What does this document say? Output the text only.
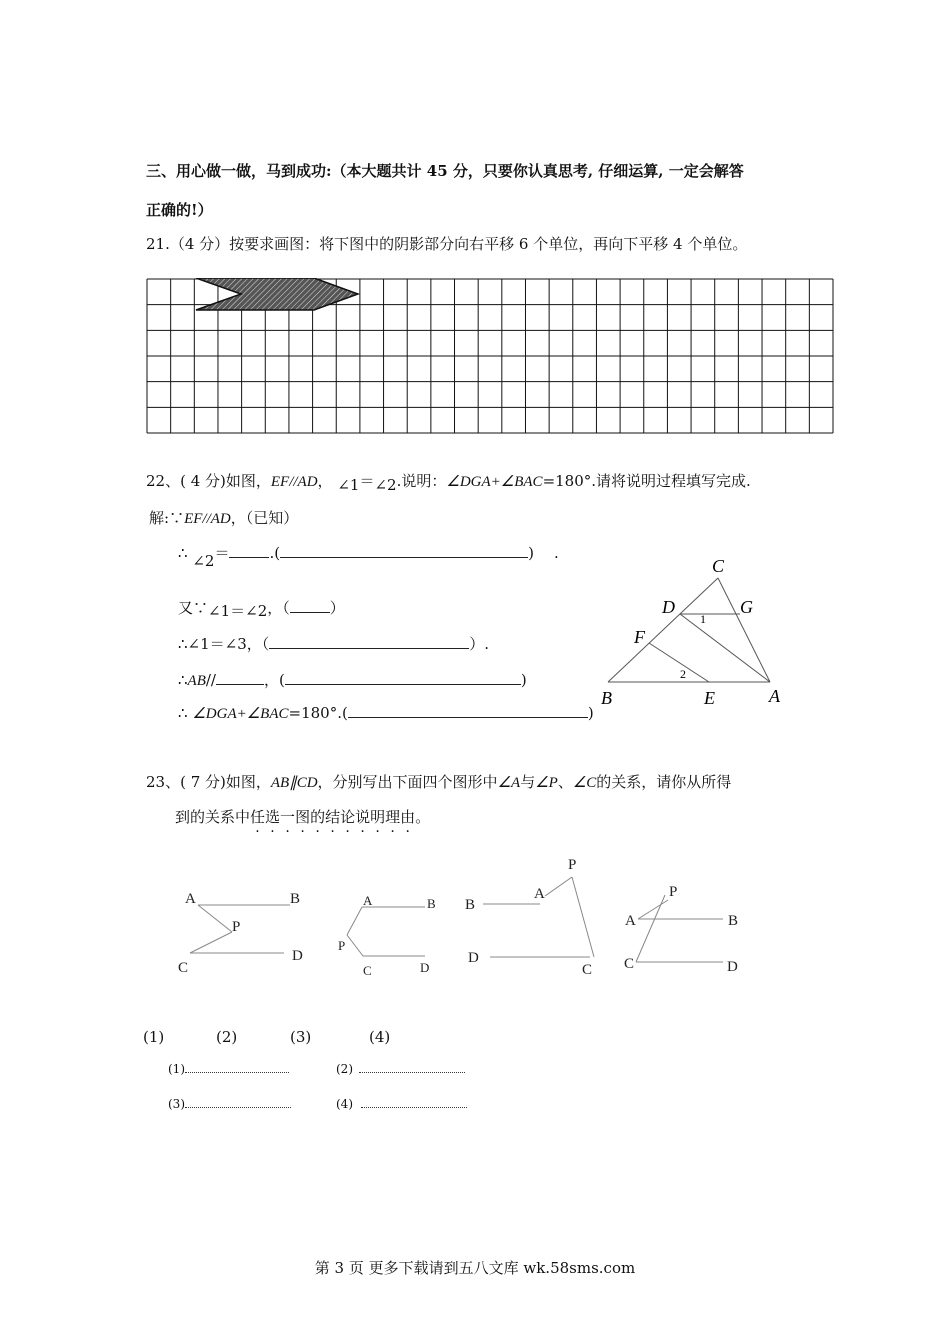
三、用心做一做，马到成功:（本大题共计 45 分，只要你认真思考, 仔细运算, 一定会解答
正确的!）
21.（4 分）按要求画图：将下图中的阴影部分向右平移 6 个单位，再向下平移 4 个单位。
22、( 4 分)如图，EF//AD， ∠1＝∠2.说明：∠DGA+∠BAC=180°.请将说明过程填写完成.
解:∵EF//AD，（已知）
∴ ∠2＝	.(	) .
又∵∠1＝∠2，（	）
∴∠1＝∠3，（	）.
∴AB//	，(	)
∴ ∠DGA+∠BAC=180°.(	)
C
D	G
F
B	E	A
1
2
23、( 7 分)如图，AB∥CD，分别写出下面四个图形中∠A与∠P、∠C的关系，请你从所得
到的关系中任选一图的结论说明理由。
A	B
P
C
D
A	B
P
C	D
B
A
P
D
C
P
A	B
C	D
(1)	(2)	(3)	(4)
(1)	(2)
(3)	(4)
第 3 页 更多下载请到五八文库 wk.58sms.com
